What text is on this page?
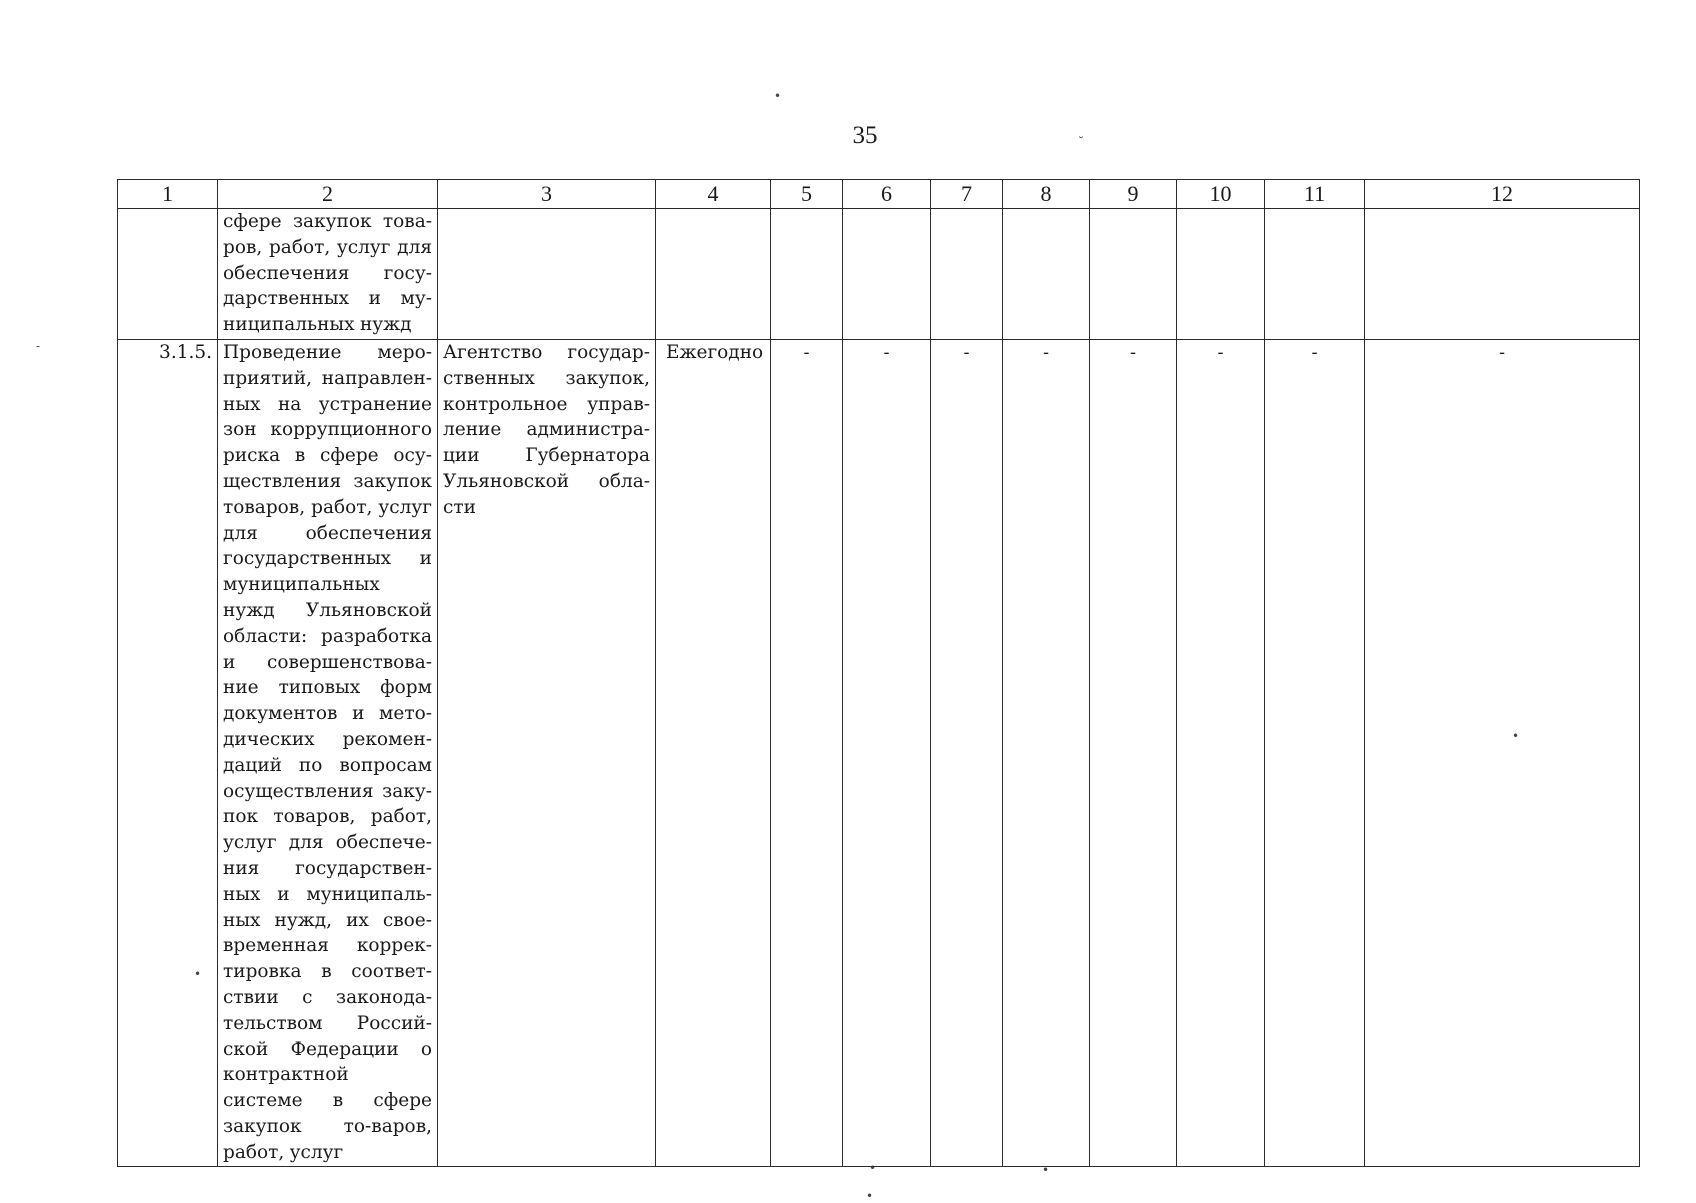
35
•
˘
-
•
•
•	•
•
1	2	3	4	5	6	7	8	9	10	11	12

	сфере закупок това-ров, работ, услуг для обеспечения госу-дарственных и му-ниципальных нужд										

3.1.5.	Проведение меро-приятий, направлен-ных на устранение зон коррупционного риска в сфере осу-ществления закупок товаров, работ, услуг для обеспечения государственных и муниципальных нужд Ульяновской области: разработка и совершенствова-ние типовых форм документов и мето-дических рекомен-даций по вопросам осуществления заку-пок товаров, работ, услуг для обеспече-ния государствен-ных и муниципаль-ных нужд, их свое-временная коррек-тировка в соответ-ствии с законода-тельством Россий-ской Федерации о контрактной системе в сфере закупок то-варов, работ, услуг	Агентство государ-ственных закупок, контрольное управ-ление администра-ции Губернатора Ульяновской обла-сти	Ежегодно	-	-	-	-	-	-	-	-
